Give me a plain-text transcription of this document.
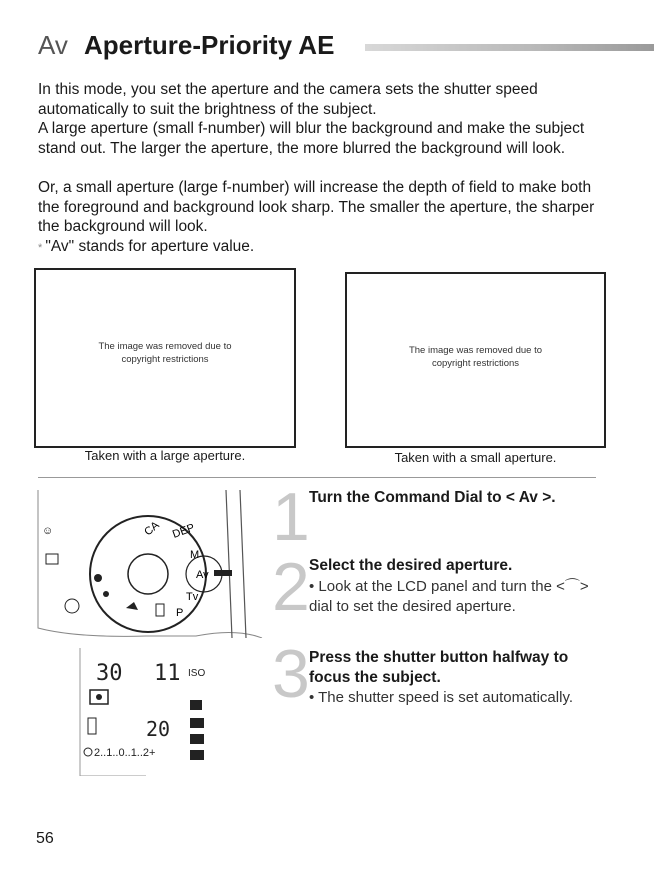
Av Aperture-Priority AE
In this mode, you set the aperture and the camera sets the shutter speed automatically to suit the brightness of the subject.
A large aperture (small f-number) will blur the background and make the subject stand out. The larger the aperture, the more blurred the background will look.
Or, a small aperture (large f-number) will increase the depth of field to make both the foreground and background look sharp. The smaller the aperture, the sharper the background will look.
* "Av" stands for aperture value.
The image was removed due to copyright restrictions
Taken with a large aperture.
The image was removed due to copyright restrictions
Taken with a small aperture.
CA DEP
M
Av
Tv
P
☺
30 11 ISO
20
2..1..0..1..2+
1 Turn the Command Dial to < Av >.
2 Select the desired aperture.
• Look at the LCD panel and turn the <⌒> dial to set the desired aperture.
3 Press the shutter button halfway to focus the subject.
• The shutter speed is set automatically.
56
